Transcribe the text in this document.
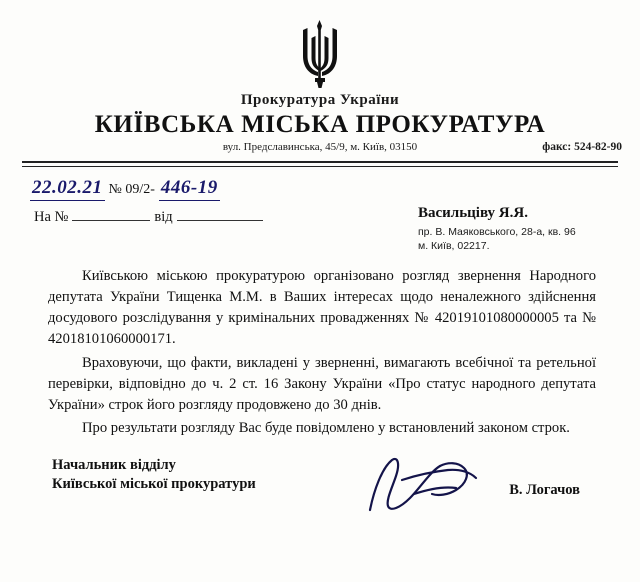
Прокуратура України
КИЇВСЬКА МІСЬКА ПРОКУРАТУРА
вул. Предславинська, 45/9, м. Київ, 03150	факс: 524-82-90
22.02.21 № 09/2- 446-19
На №	від	Васильціву Я.Я.
пр. В. Маяковського, 28-а, кв. 96
м. Київ, 02217.

Київською міською прокуратурою організовано розгляд звернення Народного депутата України Тищенка М.М. в Ваших інтересах щодо неналежного здійснення досудового розслідування у кримінальних провадженнях № 42019101080000005 та № 42018101060000171.

Враховуючи, що факти, викладені у зверненні, вимагають всебічної та ретельної перевірки, відповідно до ч. 2 ст. 16 Закону України «Про статус народного депутата України» строк його розгляду продовжено до 30 днів.

Про результати розгляду Вас буде повідомлено у встановлений законом строк.

Начальник відділу
Київської міської прокуратури	В. Логачов
